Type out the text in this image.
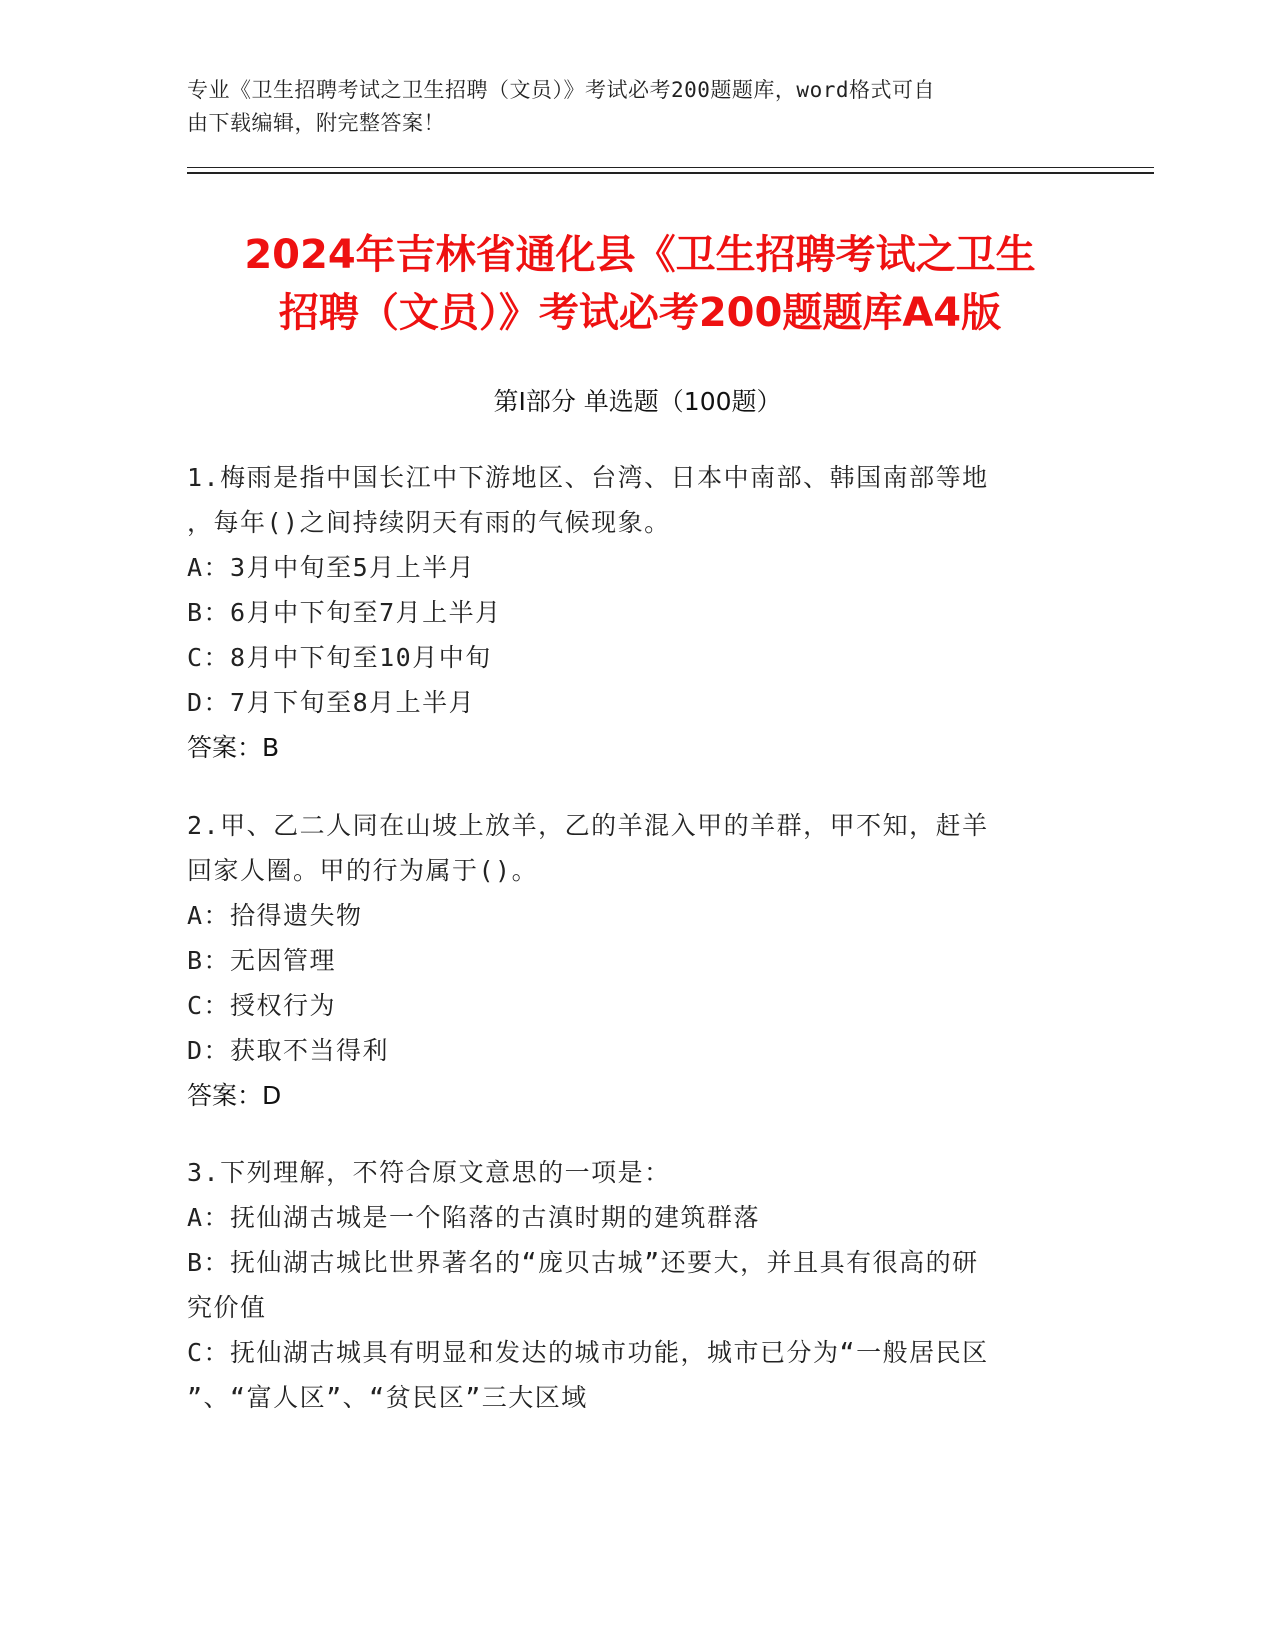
专业《卫生招聘考试之卫生招聘（文员）》考试必考200题题库，word格式可自
由下载编辑，附完整答案！
2024年吉林省通化县《卫生招聘考试之卫生
招聘（文员）》考试必考200题题库A4版
第Ⅰ部分 单选题（100题）
1.梅雨是指中国长江中下游地区、台湾、日本中南部、韩国南部等地
，每年()之间持续阴天有雨的气候现象。
A：3月中旬至5月上半月
B：6月中下旬至7月上半月
C：8月中下旬至10月中旬
D：7月下旬至8月上半月
答案：B
2.甲、乙二人同在山坡上放羊，乙的羊混入甲的羊群，甲不知，赶羊
回家人圈。甲的行为属于()。
A：拾得遗失物
B：无因管理
C：授权行为
D：获取不当得利
答案：D
3.下列理解，不符合原文意思的一项是：
A：抚仙湖古城是一个陷落的古滇时期的建筑群落
B：抚仙湖古城比世界著名的“庞贝古城”还要大，并且具有很高的研
究价值
C：抚仙湖古城具有明显和发达的城市功能，城市已分为“一般居民区
”、“富人区”、“贫民区”三大区域
